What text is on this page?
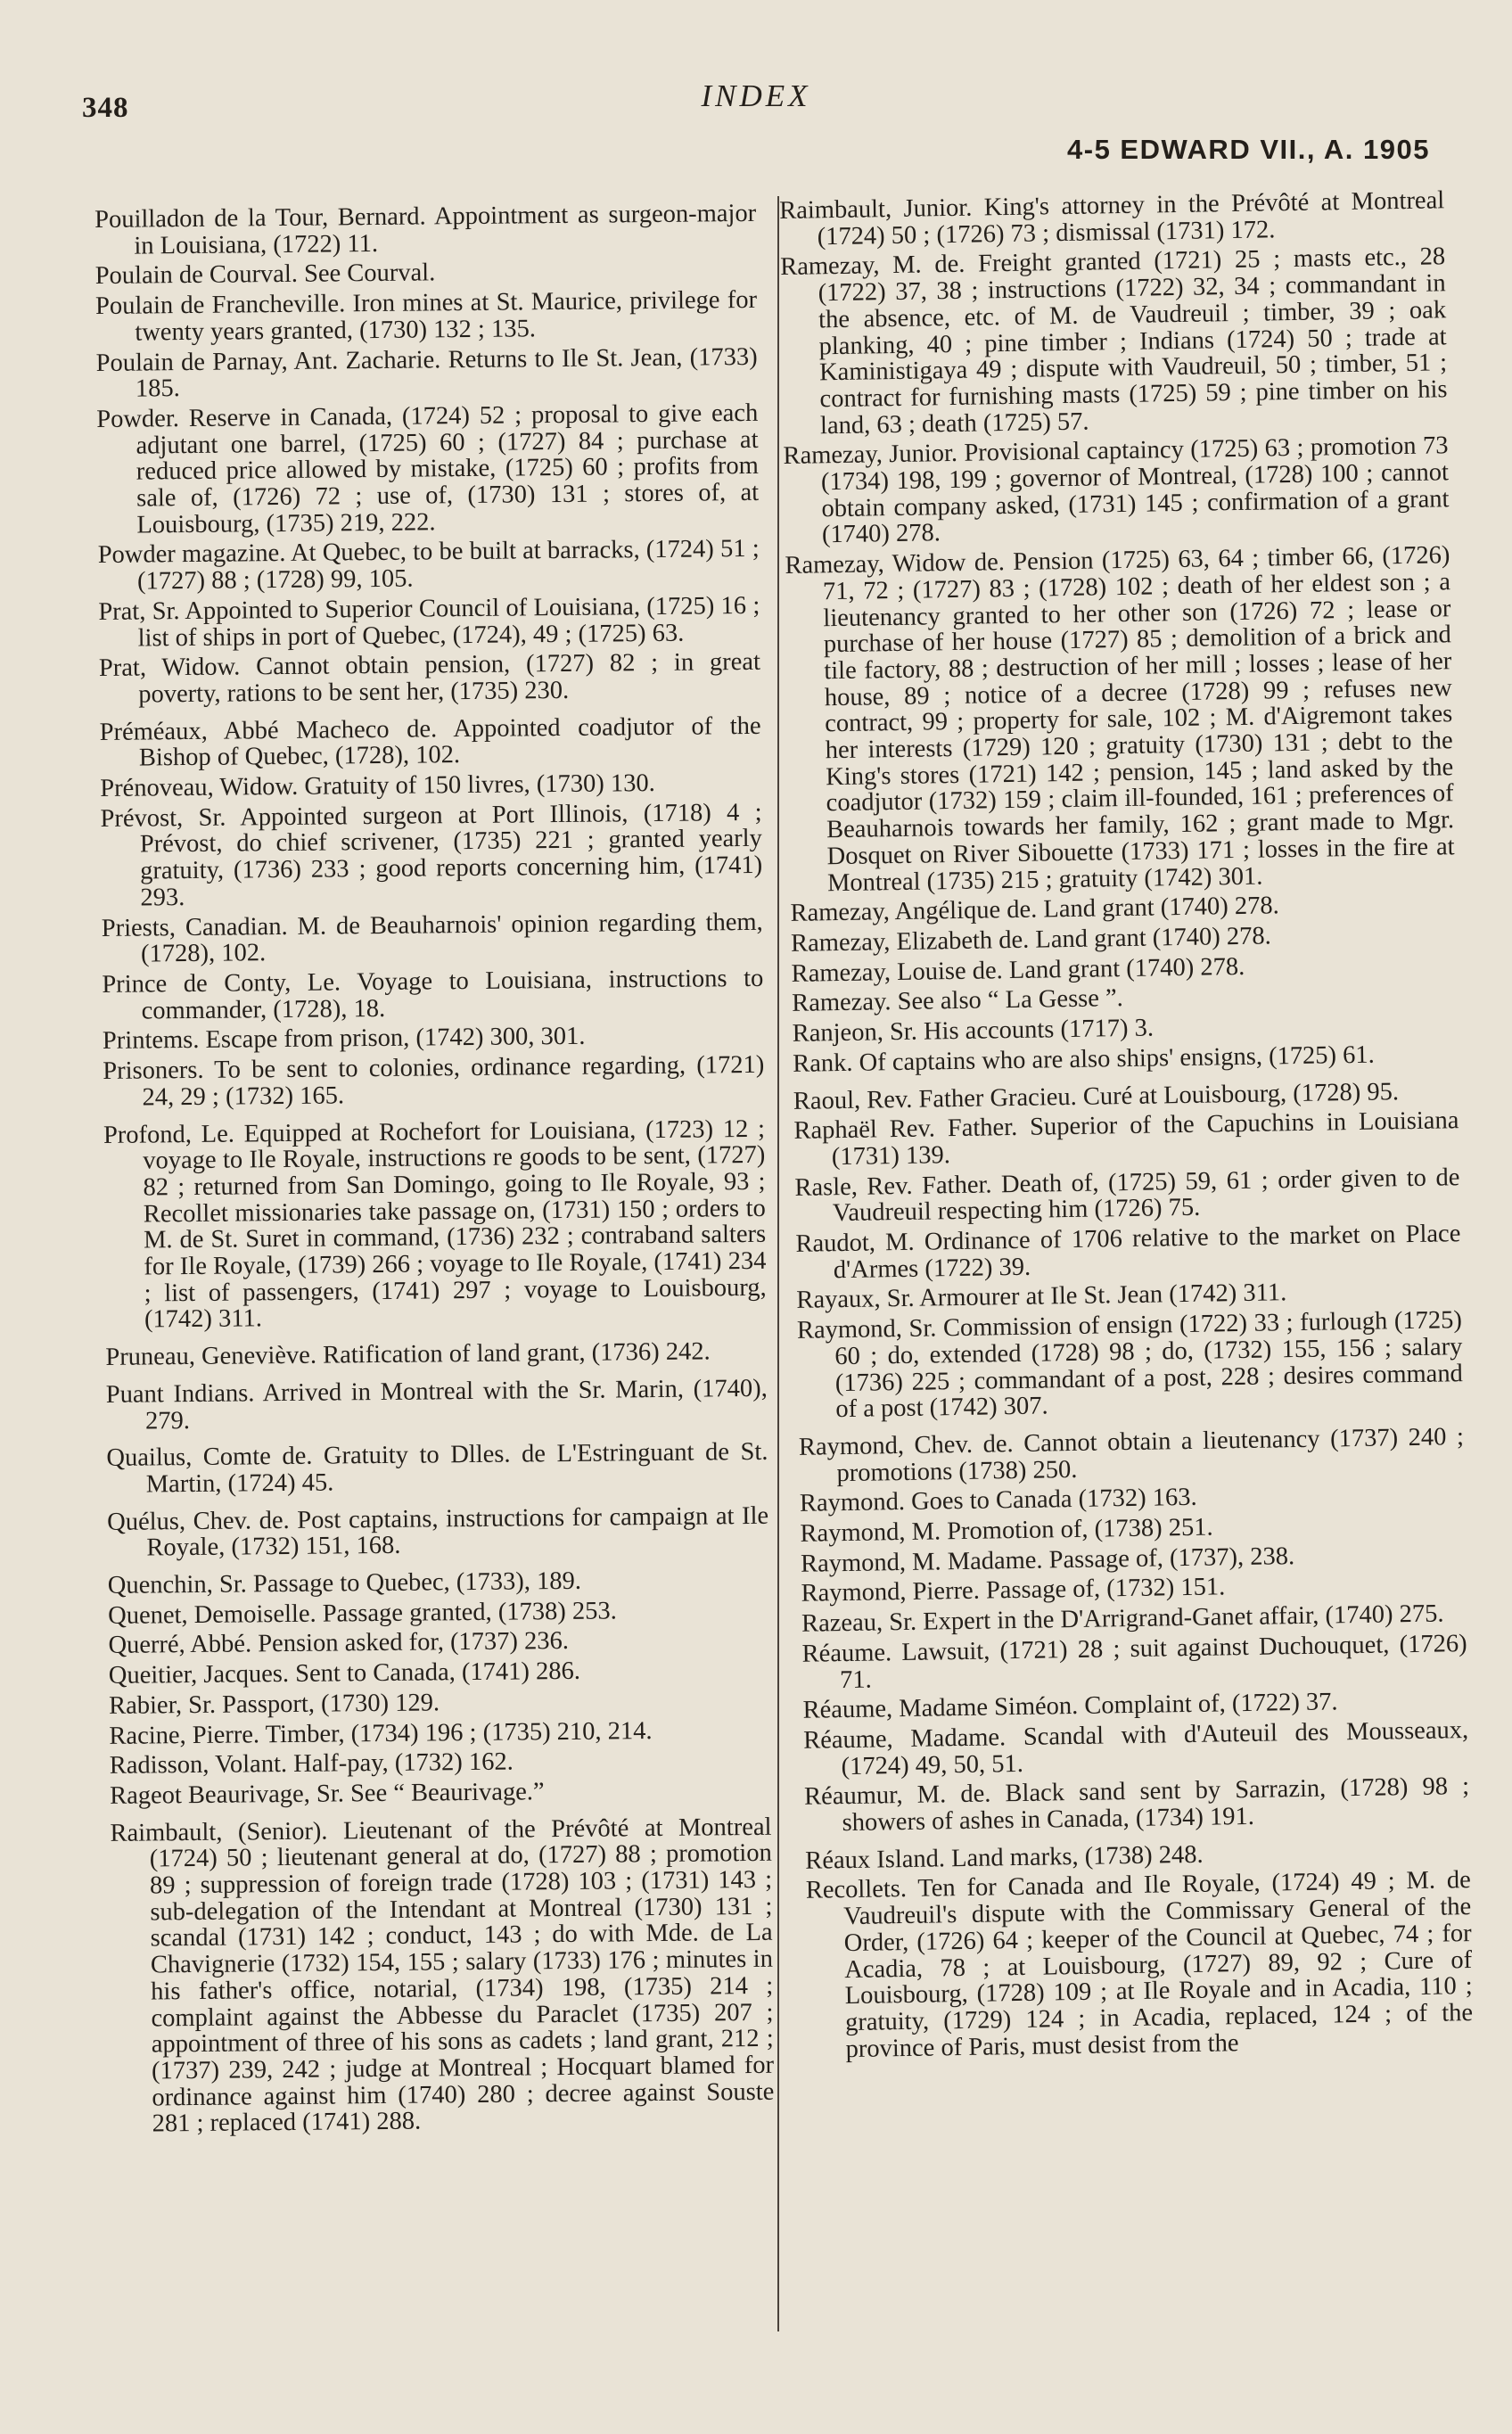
348	INDEX
4-5 EDWARD VII., A. 1905
Pouilladon de la Tour, Bernard. Appointment as surgeon-major in Louisiana, (1722) 11.
Poulain de Courval. See Courval.
Poulain de Francheville. Iron mines at St. Maurice, privilege for twenty years granted, (1730) 132 ; 135.
Poulain de Parnay, Ant. Zacharie. Returns to Ile St. Jean, (1733) 185.
Powder. Reserve in Canada, (1724) 52 ; proposal to give each adjutant one barrel, (1725) 60 ; (1727) 84 ; purchase at reduced price allowed by mistake, (1725) 60 ; profits from sale of, (1726) 72 ; use of, (1730) 131 ; stores of, at Louisbourg, (1735) 219, 222.
Powder magazine. At Quebec, to be built at barracks, (1724) 51 ; (1727) 88 ; (1728) 99, 105.
Prat, Sr. Appointed to Superior Council of Louisiana, (1725) 16 ; list of ships in port of Quebec, (1724), 49 ; (1725) 63.
Prat, Widow. Cannot obtain pension, (1727) 82 ; in great poverty, rations to be sent her, (1735) 230.
Préméaux, Abbé Macheco de. Appointed coadjutor of the Bishop of Quebec, (1728), 102.
Prénoveau, Widow. Gratuity of 150 livres, (1730) 130.
Prévost, Sr. Appointed surgeon at Port Illinois, (1718) 4 ; Prévost, do chief scrivener, (1735) 221 ; granted yearly gratuity, (1736) 233 ; good reports concerning him, (1741) 293.
Priests, Canadian. M. de Beauharnois' opinion regarding them, (1728), 102.
Prince de Conty, Le. Voyage to Louisiana, instructions to commander, (1728), 18.
Printems. Escape from prison, (1742) 300, 301.
Prisoners. To be sent to colonies, ordinance regarding, (1721) 24, 29 ; (1732) 165.
Profond, Le. Equipped at Rochefort for Louisiana, (1723) 12 ; voyage to Ile Royale, instructions re goods to be sent, (1727) 82 ; returned from San Domingo, going to Ile Royale, 93 ; Recollet missionaries take passage on, (1731) 150 ; orders to M. de St. Suret in command, (1736) 232 ; contraband salters for Ile Royale, (1739) 266 ; voyage to Ile Royale, (1741) 234 ; list of passengers, (1741) 297 ; voyage to Louisbourg, (1742) 311.
Pruneau, Geneviève. Ratification of land grant, (1736) 242.
Puant Indians. Arrived in Montreal with the Sr. Marin, (1740), 279.
Quailus, Comte de. Gratuity to Dlles. de L'Estringuant de St. Martin, (1724) 45.
Quélus, Chev. de. Post captains, instructions for campaign at Ile Royale, (1732) 151, 168.
Quenchin, Sr. Passage to Quebec, (1733), 189.
Quenet, Demoiselle. Passage granted, (1738) 253.
Querré, Abbé. Pension asked for, (1737) 236.
Queitier, Jacques. Sent to Canada, (1741) 286.
Rabier, Sr. Passport, (1730) 129.
Racine, Pierre. Timber, (1734) 196 ; (1735) 210, 214.
Radisson, Volant. Half-pay, (1732) 162.
Rageot Beaurivage, Sr. See “ Beaurivage.”
Raimbault, (Senior). Lieutenant of the Prévôté at Montreal (1724) 50 ; lieutenant general at do, (1727) 88 ; promotion 89 ; suppression of foreign trade (1728) 103 ; (1731) 143 ; sub-delegation of the Intendant at Montreal (1730) 131 ; scandal (1731) 142 ; conduct, 143 ; do with Mde. de La Chavignerie (1732) 154, 155 ; salary (1733) 176 ; minutes in his father's office, notarial, (1734) 198, (1735) 214 ; complaint against the Abbesse du Paraclet (1735) 207 ; appointment of three of his sons as cadets ; land grant, 212 ; (1737) 239, 242 ; judge at Montreal ; Hocquart blamed for ordinance against him (1740) 280 ; decree against Souste 281 ; replaced (1741) 288.
Raimbault, Junior. King's attorney in the Prévôté at Montreal (1724) 50 ; (1726) 73 ; dismissal (1731) 172.
Ramezay, M. de. Freight granted (1721) 25 ; masts etc., 28 (1722) 37, 38 ; instructions (1722) 32, 34 ; commandant in the absence, etc. of M. de Vaudreuil ; timber, 39 ; oak planking, 40 ; pine timber ; Indians (1724) 50 ; trade at Kaministigaya 49 ; dispute with Vaudreuil, 50 ; timber, 51 ; contract for furnishing masts (1725) 59 ; pine timber on his land, 63 ; death (1725) 57.
Ramezay, Junior. Provisional captaincy (1725) 63 ; promotion 73 (1734) 198, 199 ; governor of Montreal, (1728) 100 ; cannot obtain company asked, (1731) 145 ; confirmation of a grant (1740) 278.
Ramezay, Widow de. Pension (1725) 63, 64 ; timber 66, (1726) 71, 72 ; (1727) 83 ; (1728) 102 ; death of her eldest son ; a lieutenancy granted to her other son (1726) 72 ; lease or purchase of her house (1727) 85 ; demolition of a brick and tile factory, 88 ; destruction of her mill ; losses ; lease of her house, 89 ; notice of a decree (1728) 99 ; refuses new contract, 99 ; property for sale, 102 ; M. d'Aigremont takes her interests (1729) 120 ; gratuity (1730) 131 ; debt to the King's stores (1721) 142 ; pension, 145 ; land asked by the coadjutor (1732) 159 ; claim ill-founded, 161 ; preferences of Beauharnois towards her family, 162 ; grant made to Mgr. Dosquet on River Sibouette (1733) 171 ; losses in the fire at Montreal (1735) 215 ; gratuity (1742) 301.
Ramezay, Angélique de. Land grant (1740) 278.
Ramezay, Elizabeth de. Land grant (1740) 278.
Ramezay, Louise de. Land grant (1740) 278.
Ramezay. See also “ La Gesse ”.
Ranjeon, Sr. His accounts (1717) 3.
Rank. Of captains who are also ships' ensigns, (1725) 61.
Raoul, Rev. Father Gracieu. Curé at Louisbourg, (1728) 95.
Raphaël Rev. Father. Superior of the Capuchins in Louisiana (1731) 139.
Rasle, Rev. Father. Death of, (1725) 59, 61 ; order given to de Vaudreuil respecting him (1726) 75.
Raudot, M. Ordinance of 1706 relative to the market on Place d'Armes (1722) 39.
Rayaux, Sr. Armourer at Ile St. Jean (1742) 311.
Raymond, Sr. Commission of ensign (1722) 33 ; furlough (1725) 60 ; do, extended (1728) 98 ; do, (1732) 155, 156 ; salary (1736) 225 ; commandant of a post, 228 ; desires command of a post (1742) 307.
Raymond, Chev. de. Cannot obtain a lieutenancy (1737) 240 ; promotions (1738) 250.
Raymond. Goes to Canada (1732) 163.
Raymond, M. Promotion of, (1738) 251.
Raymond, M. Madame. Passage of, (1737), 238.
Raymond, Pierre. Passage of, (1732) 151.
Razeau, Sr. Expert in the D'Arrigrand-Ganet affair, (1740) 275.
Réaume. Lawsuit, (1721) 28 ; suit against Duchouquet, (1726) 71.
Réaume, Madame Siméon. Complaint of, (1722) 37.
Réaume, Madame. Scandal with d'Auteuil des Mousseaux, (1724) 49, 50, 51.
Réaumur, M. de. Black sand sent by Sarrazin, (1728) 98 ; showers of ashes in Canada, (1734) 191.
Réaux Island. Land marks, (1738) 248.
Recollets. Ten for Canada and Ile Royale, (1724) 49 ; M. de Vaudreuil's dispute with the Commissary General of the Order, (1726) 64 ; keeper of the Council at Quebec, 74 ; for Acadia, 78 ; at Louisbourg, (1727) 89, 92 ; Cure of Louisbourg, (1728) 109 ; at Ile Royale and in Acadia, 110 ; gratuity, (1729) 124 ; in Acadia, replaced, 124 ; of the province of Paris, must desist from the
